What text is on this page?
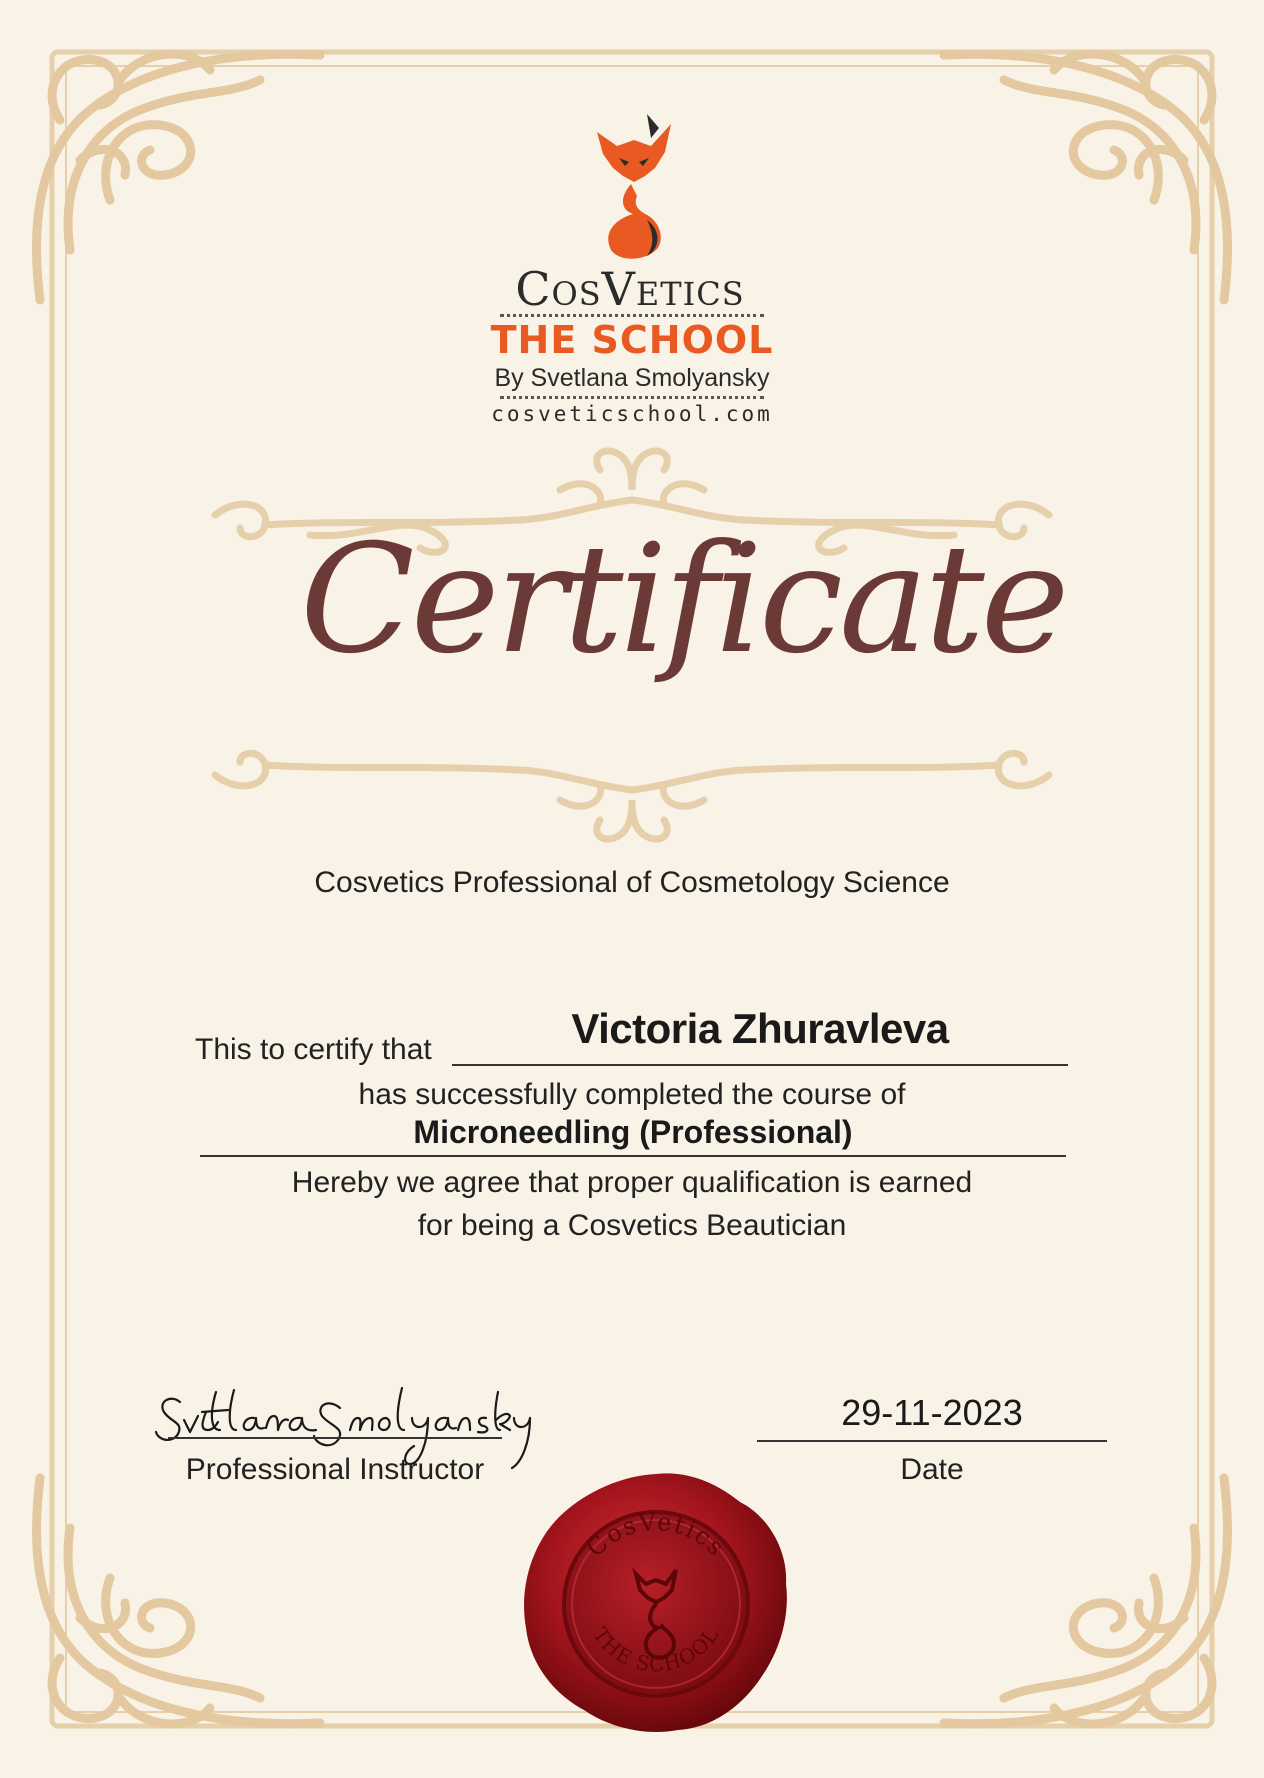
CosVetics
THE SCHOOL
By Svetlana Smolyansky
cosveticschool.com
Certificate
Cosvetics Professional of Cosmetology Science
This to certify that	Victoria Zhuravleva
has successfully completed the course of
Microneedling (Professional)
Hereby we agree that proper qualification is earned
for being a Cosvetics Beautician
Professional Instructor
29-11-2023
Date
CosVetics
THE SCHOOL
